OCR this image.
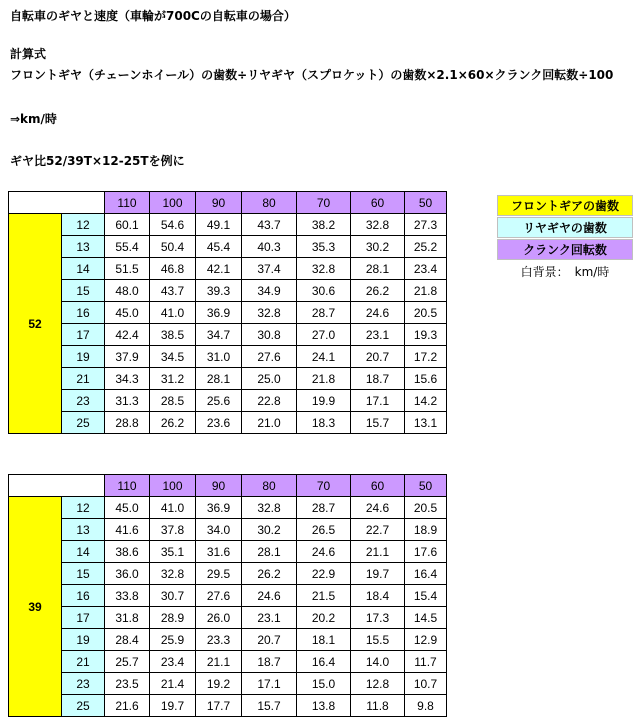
自転車のギヤと速度（車輪が700Cの自転車の場合）
計算式
フロントギヤ（チェーンホイール）の歯数÷リヤギヤ（スプロケット）の歯数×2.1×60×クランク回転数÷100
⇒km/時
ギヤ比52/39T×12-25Tを例に
		110	100	90	80	70	60	50
52	12	60.1	54.6	49.1	43.7	38.2	32.8	27.3
	13	55.4	50.4	45.4	40.3	35.3	30.2	25.2
	14	51.5	46.8	42.1	37.4	32.8	28.1	23.4
	15	48.0	43.7	39.3	34.9	30.6	26.2	21.8
	16	45.0	41.0	36.9	32.8	28.7	24.6	20.5
	17	42.4	38.5	34.7	30.8	27.0	23.1	19.3
	19	37.9	34.5	31.0	27.6	24.1	20.7	17.2
	21	34.3	31.2	28.1	25.0	21.8	18.7	15.6
	23	31.3	28.5	25.6	22.8	19.9	17.1	14.2
	25	28.8	26.2	23.6	21.0	18.3	15.7	13.1
		110	100	90	80	70	60	50
39	12	45.0	41.0	36.9	32.8	28.7	24.6	20.5
	13	41.6	37.8	34.0	30.2	26.5	22.7	18.9
	14	38.6	35.1	31.6	28.1	24.6	21.1	17.6
	15	36.0	32.8	29.5	26.2	22.9	19.7	16.4
	16	33.8	30.7	27.6	24.6	21.5	18.4	15.4
	17	31.8	28.9	26.0	23.1	20.2	17.3	14.5
	19	28.4	25.9	23.3	20.7	18.1	15.5	12.9
	21	25.7	23.4	21.1	18.7	16.4	14.0	11.7
	23	23.5	21.4	19.2	17.1	15.0	12.8	10.7
	25	21.6	19.7	17.7	15.7	13.8	11.8	9.8
フロントギアの歯数
リヤギヤの歯数
クランク回転数
白背景：　km/時
